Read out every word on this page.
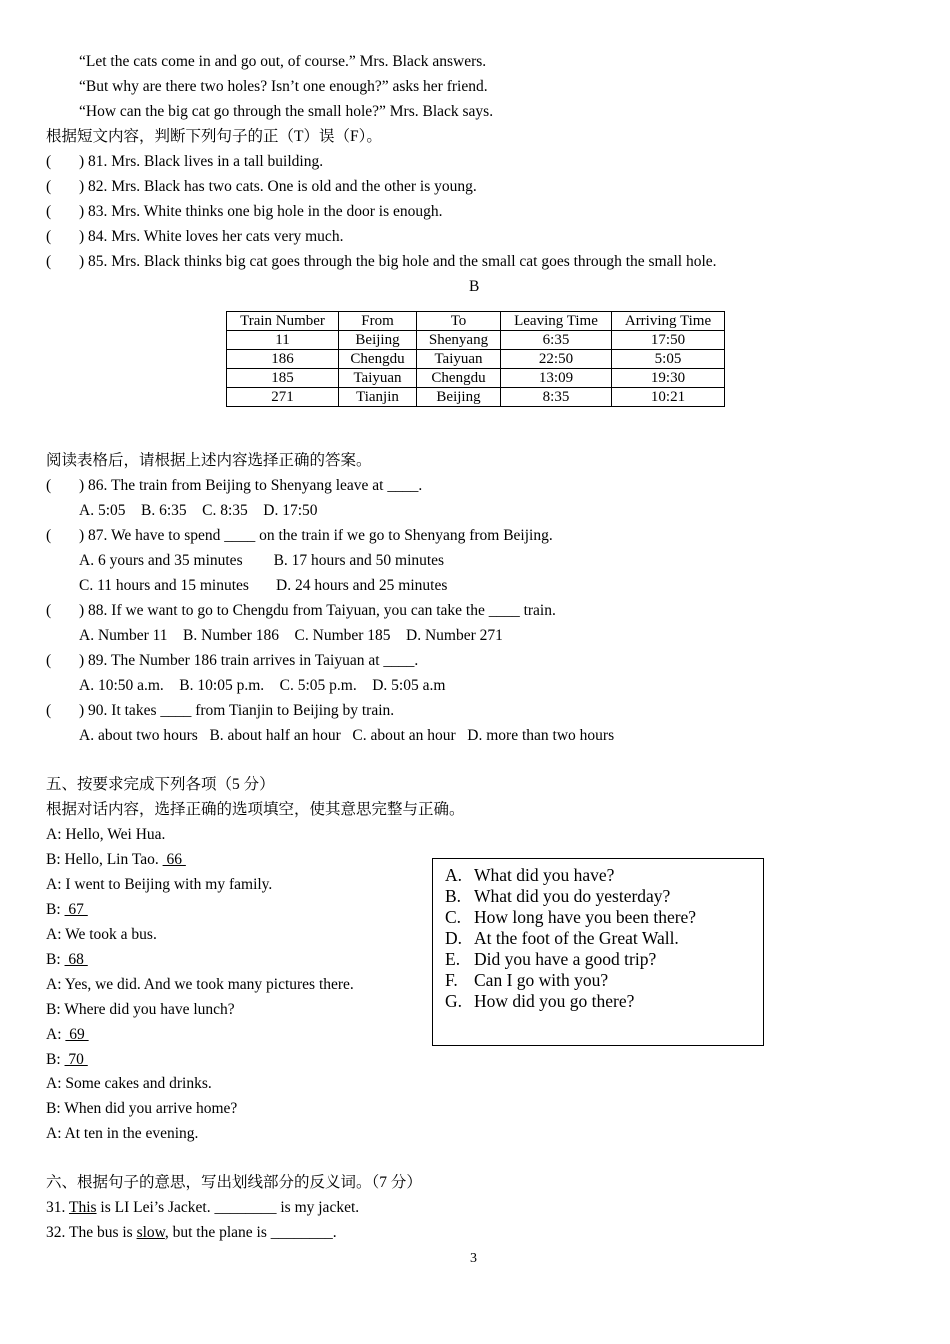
“Let the cats come in and go out, of course.” Mrs. Black answers.
“But why are there two holes? Isn’t one enough?” asks her friend.
“How can the big cat go through the small hole?” Mrs. Black says.
根据短文内容，判断下列句子的正（T）误（F）。
( ) 81. Mrs. Black lives in a tall building.
( ) 82. Mrs. Black has two cats. One is old and the other is young.
( ) 83. Mrs. White thinks one big hole in the door is enough.
( ) 84. Mrs. White loves her cats very much.
( ) 85. Mrs. Black thinks big cat goes through the big hole and the small cat goes through the small hole.
B
Train Number	From	To	Leaving Time	Arriving Time
11	Beijing	Shenyang	6:35	17:50
186	Chengdu	Taiyuan	22:50	5:05
185	Taiyuan	Chengdu	13:09	19:30
271	Tianjin	Beijing	8:35	10:21
阅读表格后，请根据上述内容选择正确的答案。
( ) 86. The train from Beijing to Shenyang leave at ____.
A. 5:05    B. 6:35    C. 8:35    D. 17:50
( ) 87. We have to spend ____ on the train if we go to Shenyang from Beijing.
A. 6 yours and 35 minutes        B. 17 hours and 50 minutes
C. 11 hours and 15 minutes       D. 24 hours and 25 minutes
( ) 88. If we want to go to Chengdu from Taiyuan, you can take the ____ train.
A. Number 11    B. Number 186    C. Number 185    D. Number 271
( ) 89. The Number 186 train arrives in Taiyuan at ____.
A. 10:50 a.m.    B. 10:05 p.m.    C. 5:05 p.m.    D. 5:05 a.m
( ) 90. It takes ____ from Tianjin to Beijing by train.
A. about two hours   B. about half an hour   C. about an hour   D. more than two hours
五、按要求完成下列各项（5 分）
根据对话内容，选择正确的选项填空，使其意思完整与正确。
A: Hello, Wei Hua.
B: Hello, Lin Tao.  66
A: I went to Beijing with my family.
B:  67
A: We took a bus.
B:  68
A: Yes, we did. And we took many pictures there.
B: Where did you have lunch?
A:  69
B:  70
A: Some cakes and drinks.
B: When did you arrive home?
A: At ten in the evening.
A. What did you have?
B. What did you do yesterday?
C. How long have you been there?
D. At the foot of the Great Wall.
E. Did you have a good trip?
F. Can I go with you?
G. How did you go there?
六、根据句子的意思，写出划线部分的反义词。（7 分）
31. This is LI Lei’s Jacket. ________ is my jacket.
32. The bus is slow, but the plane is ________.
3
